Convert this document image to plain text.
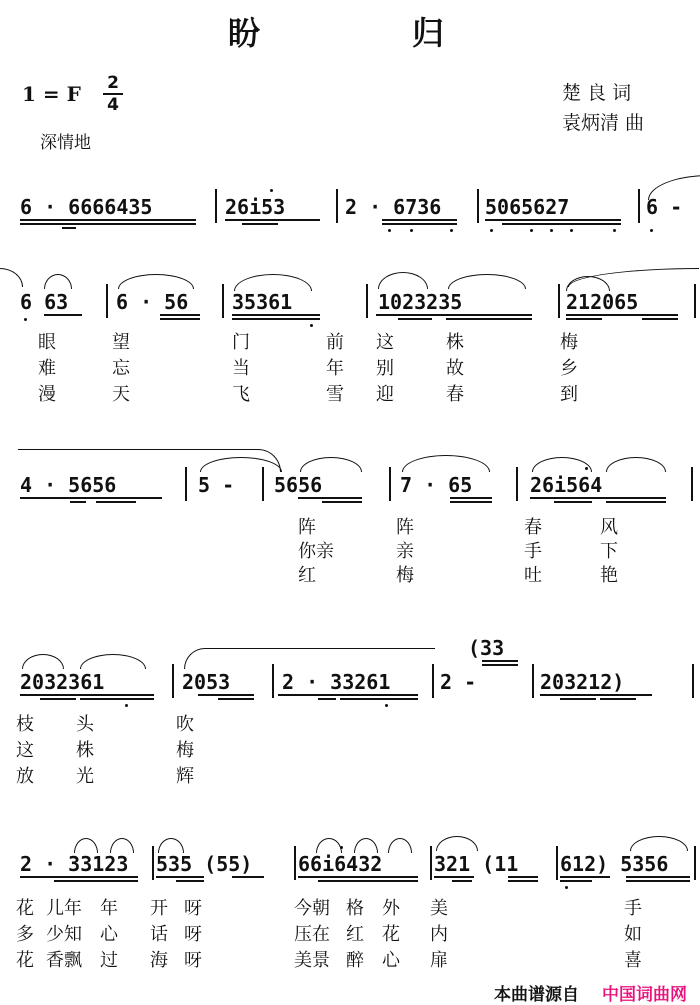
盼	归
1 = F 2
4
深情地
楚 良 词
袁炳清 曲
6 · 6666435	26i53	2 · 6736 5065627	6 -
6 63 6 · 56 35361	1023235	212065
眼	望	门	前 这	株	梅
难	忘	当	年 别	故	乡
漫	天	飞	雪 迎	春	到
4 · 5656	5 - 5656	7 · 65	26i564
阵	阵	春	风
你亲	亲	手	下
红	梅	吐	艳
2032361	2053	2 · 33261 2 -
(33
203212)
枝 头	吹
这 株	梅
放 光	辉
2 · 33123 535 (55) 66i6432	321 (11 612) 5356
花 儿年 年 开 呀	今朝 格 外 美	手
多 少知 心 话 呀	压在 红 花 内	如
花 香飘 过 海 呀	美景 醉 心 扉	喜
本曲谱源自 中国词曲网
